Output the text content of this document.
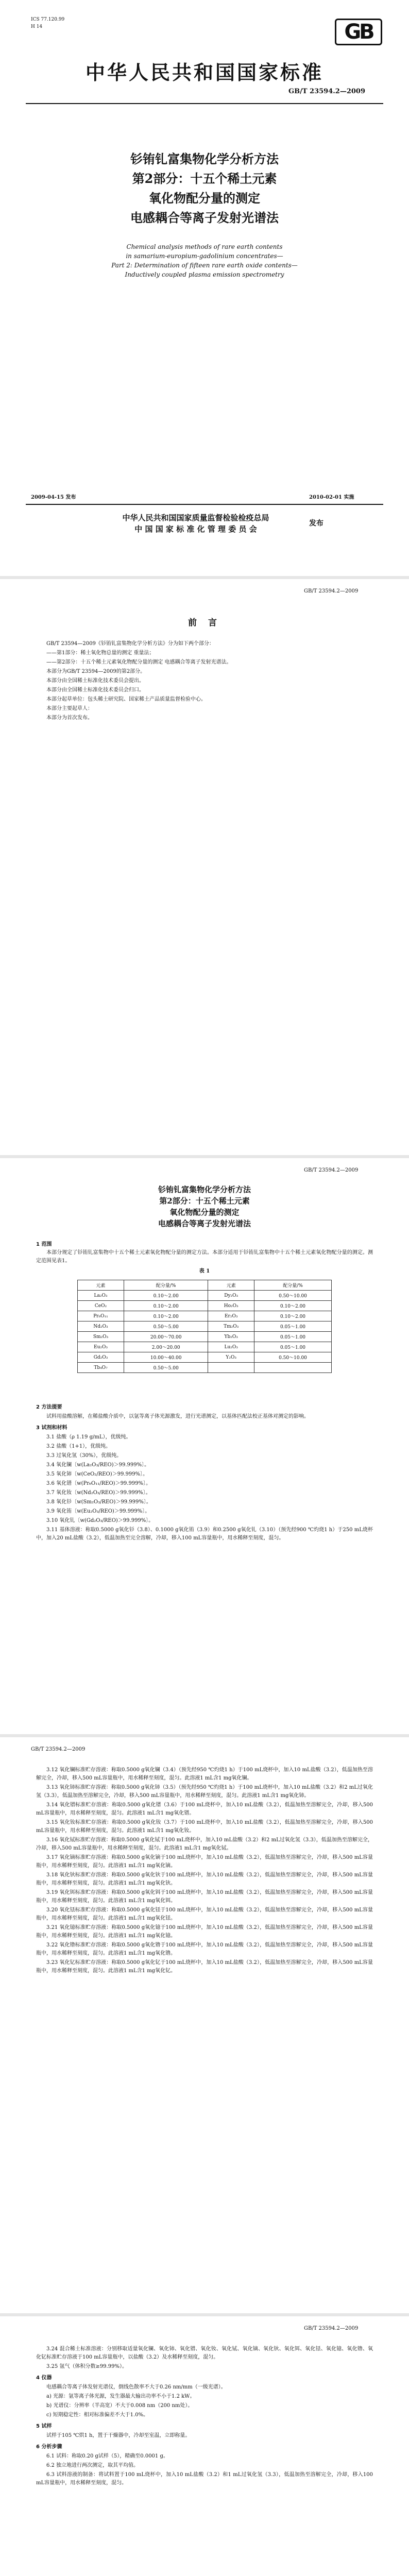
ICS 77.120.99
H 14	GB
中华人民共和国国家标准
GB/T 23594.2—2009
钐铕钆富集物化学分析方法
第2部分：十五个稀土元素
氧化物配分量的测定
电感耦合等离子发射光谱法
Chemical analysis methods of rare earth contents
in samarium-europium-gadolinium concentrates—
Part 2: Determination of fifteen rare earth oxide contents—
Inductively coupled plasma emission spectrometry
2009-04-15 发布	2010-02-01 实施
中华人民共和国国家质量监督检验检疫总局
中 国 国 家 标 准 化 管 理 委 员 会
发布
GB/T 23594.2—2009
前 言

GB/T 23594—2009《钐铕钆富集物化学分析方法》分为如下两个部分：

——第1部分：稀土氧化物总量的测定 重量法；

——第2部分：十五个稀土元素氧化物配分量的测定 电感耦合等离子发射光谱法。

本部分为GB/T 23594—2009的第2部分。

本部分由全国稀土标准化技术委员会提出。

本部分由全国稀土标准化技术委员会归口。

本部分起草单位：包头稀土研究院、国家稀土产品质量监督检验中心。

本部分主要起草人：

本部分为首次发布。

GB/T 23594.2—2009
钐铕钆富集物化学分析方法
第2部分：十五个稀土元素
氧化物配分量的测定
电感耦合等离子发射光谱法
1 范围

本部分规定了钐铕钆富集物中十五个稀土元素氧化物配分量的测定方法。本部分适用于钐铕钆富集物中十五个稀土元素氧化物配分量的测定。测定范围见表1。

表 1
元素	配分量/%	元素	配分量/%
La₂O₃	0.10～2.00	Dy₂O₃	0.50～10.00
CeO₂	0.10～2.00	Ho₂O₃	0.10～2.00
Pr₆O₁₁	0.10～2.00	Er₂O₃	0.10～2.00
Nd₂O₃	0.50～5.00	Tm₂O₃	0.05～1.00
Sm₂O₃	20.00～70.00	Yb₂O₃	0.05～1.00
Eu₂O₃	2.00～20.00	Lu₂O₃	0.05～1.00
Gd₂O₃	10.00～40.00	Y₂O₃	0.50～10.00
Tb₄O₇	0.50～5.00		
2 方法提要

试料用盐酸溶解，在稀盐酸介质中，以氩等离子体光源激发，进行光谱测定，以基体匹配法校正基体对测定的影响。

3 试剂和材料

3.1 盐酸（ρ 1.19 g/mL），优级纯。

3.2 盐酸（1+1），优级纯。

3.3 过氧化氢（30%），优级纯。

3.4 氧化镧〔w(La₂O₃/REO)＞99.999%〕。

3.5 氧化铈〔w(CeO₂/REO)＞99.999%〕。

3.6 氧化镨〔w(Pr₆O₁₁/REO)＞99.999%〕。

3.7 氧化钕〔w(Nd₂O₃/REO)＞99.999%〕。

3.8 氧化钐〔w(Sm₂O₃/REO)＞99.999%〕。

3.9 氧化铕〔w(Eu₂O₃/REO)＞99.999%〕。

3.10 氧化钆〔w(Gd₂O₃/REO)＞99.999%〕。

3.11 基体溶液：称取0.5000 g氧化钐（3.8）、0.1000 g氧化铕（3.9）和0.2500 g氧化钆（3.10）（预先经900 ℃灼烧1 h）于250 mL烧杯中，加入20 mL盐酸（3.2），低温加热至完全溶解，冷却，移入100 mL容量瓶中，用水稀释至刻度，混匀。

GB/T 23594.2—2009

3.12 氧化镧标准贮存溶液：称取0.5000 g氧化镧（3.4）（预先经950 ℃灼烧1 h）于100 mL烧杯中，加入10 mL盐酸（3.2），低温加热至溶解完全，冷却，移入500 mL容量瓶中，用水稀释至刻度，混匀。此溶液1 mL含1 mg氧化镧。

3.13 氧化铈标准贮存溶液：称取0.5000 g氧化铈（3.5）（预先经950 ℃灼烧1 h）于100 mL烧杯中，加入10 mL盐酸（3.2）和2 mL过氧化氢（3.3），低温加热至溶解完全，冷却，移入500 mL容量瓶中，用水稀释至刻度，混匀。此溶液1 mL含1 mg氧化铈。

3.14 氧化镨标准贮存溶液：称取0.5000 g氧化镨（3.6）于100 mL烧杯中，加入10 mL盐酸（3.2），低温加热至溶解完全，冷却，移入500 mL容量瓶中，用水稀释至刻度，混匀。此溶液1 mL含1 mg氧化镨。

3.15 氧化钕标准贮存溶液：称取0.5000 g氧化钕（3.7）于100 mL烧杯中，加入10 mL盐酸（3.2），低温加热至溶解完全，冷却，移入500 mL容量瓶中，用水稀释至刻度，混匀。此溶液1 mL含1 mg氧化钕。

3.16 氧化铽标准贮存溶液：称取0.5000 g氧化铽于100 mL烧杯中，加入10 mL盐酸（3.2）和2 mL过氧化氢（3.3），低温加热至溶解完全，冷却，移入500 mL容量瓶中，用水稀释至刻度，混匀。此溶液1 mL含1 mg氧化铽。

3.17 氧化镝标准贮存溶液：称取0.5000 g氧化镝于100 mL烧杯中，加入10 mL盐酸（3.2），低温加热至溶解完全，冷却，移入500 mL容量瓶中，用水稀释至刻度，混匀。此溶液1 mL含1 mg氧化镝。

3.18 氧化钬标准贮存溶液：称取0.5000 g氧化钬于100 mL烧杯中，加入10 mL盐酸（3.2），低温加热至溶解完全，冷却，移入500 mL容量瓶中，用水稀释至刻度，混匀。此溶液1 mL含1 mg氧化钬。

3.19 氧化铒标准贮存溶液：称取0.5000 g氧化铒于100 mL烧杯中，加入10 mL盐酸（3.2），低温加热至溶解完全，冷却，移入500 mL容量瓶中，用水稀释至刻度，混匀。此溶液1 mL含1 mg氧化铒。

3.20 氧化铥标准贮存溶液：称取0.5000 g氧化铥于100 mL烧杯中，加入10 mL盐酸（3.2），低温加热至溶解完全，冷却，移入500 mL容量瓶中，用水稀释至刻度，混匀。此溶液1 mL含1 mg氧化铥。

3.21 氧化镱标准贮存溶液：称取0.5000 g氧化镱于100 mL烧杯中，加入10 mL盐酸（3.2），低温加热至溶解完全，冷却，移入500 mL容量瓶中，用水稀释至刻度，混匀。此溶液1 mL含1 mg氧化镱。

3.22 氧化镥标准贮存溶液：称取0.5000 g氧化镥于100 mL烧杯中，加入10 mL盐酸（3.2），低温加热至溶解完全，冷却，移入500 mL容量瓶中，用水稀释至刻度，混匀。此溶液1 mL含1 mg氧化镥。

3.23 氧化钇标准贮存溶液：称取0.5000 g氧化钇于100 mL烧杯中，加入10 mL盐酸（3.2），低温加热至溶解完全，冷却，移入500 mL容量瓶中，用水稀释至刻度，混匀。此溶液1 mL含1 mg氧化钇。

GB/T 23594.2—2009

3.24 混合稀土标准溶液：分别移取适量氧化镧、氧化铈、氧化镨、氧化钕、氧化铽、氧化镝、氧化钬、氧化铒、氧化铥、氧化镱、氧化镥、氧化钇标准贮存溶液于100 mL容量瓶中，以盐酸（3.2）及水稀释至刻度，混匀。

3.25 氩气（体积分数≥99.99%）。

4 仪器

电感耦合等离子体发射光谱仪，倒线色散率不大于0.26 nm/mm（一级光谱）。

a) 光源：氩等离子体光源，发生器最大输出功率不小于1.2 kW。

b) 光谱仪：分辨率（半高宽）不大于0.008 nm（200 nm处）。

c) 短期稳定性：相对标准偏差不大于1.0%。

5 试样

试样于105 ℃烘1 h，置于干燥器中，冷却至室温，立即称量。

6 分析步骤

6.1 试料：称取0.20 g试样（5），精确至0.0001 g。

6.2 独立地进行两次测定，取其平均值。

6.3 试料溶液的制备：将试料置于100 mL烧杯中，加入10 mL盐酸（3.2）和1 mL过氧化氢（3.3），低温加热至溶解完全，冷却，移入100 mL容量瓶中，用水稀释至刻度，混匀。
